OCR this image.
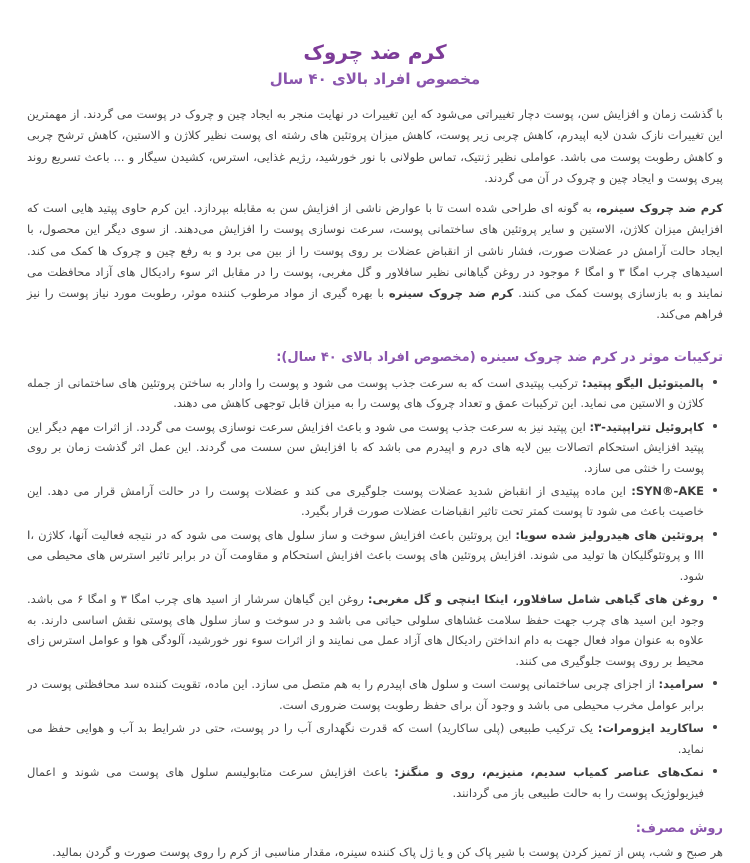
کرم ضد چروک
مخصوص افراد بالای ۴۰ سال

با گذشت زمان و افزایش سن، پوست دچار تغییراتی می‌شود که این تغییرات در نهایت منجر به ایجاد چین و چروک در پوست می گردند. از مهمترین این تغییرات نازک شدن لایه اپیدرم، کاهش چربی زیر پوست، کاهش میزان پروتئین های رشته ای پوست نظیر کلاژن و الاستین، کاهش ترشح چربی و کاهش رطوبت پوست می باشد. عواملی نظیر ژنتیک، تماس طولانی با نور خورشید، رژیم غذایی، استرس، کشیدن سیگار و ... باعث تسریع روند پیری پوست و ایجاد چین و چروک در آن می گردند.

کرم ضد چروک سینره، به گونه ای طراحی شده است تا با عوارض ناشی از افزایش سن به مقابله بپردازد. این کرم حاوی پپتید هایی است که افزایش میزان کلاژن، الاستین و سایر پروتئین های ساختمانی پوست، سرعت نوسازی پوست را افزایش می‌دهند. از سوی دیگر این محصول، با ایجاد حالت آرامش در عضلات صورت، فشار ناشی از انقباض عضلات بر روی پوست را از بین می برد و به رفع چین و چروک ها کمک می کند. اسیدهای چرب امگا ۳ و امگا ۶ موجود در روغن گیاهانی نظیر سافلاور و گل مغربی، پوست را در مقابل اثر سوء رادیکال های آزاد محافظت می نمایند و به بازسازی پوست کمک می کنند. کرم ضد چروک سینره با بهره گیری از مواد مرطوب کننده موثر، رطوبت مورد نیاز پوست را نیز فراهم می‌کند.

ترکیبات موثر در کرم ضد چروک سینره (مخصوص افراد بالای ۴۰ سال):
پالمیتوئیل الیگو پپتید: ترکیب پپتیدی است که به سرعت جذب پوست می شود و پوست را وادار به ساختن پروتئین های ساختمانی از جمله کلاژن و الاستین می نماید. این ترکیبات عمق و تعداد چروک های پوست را به میزان قابل توجهی کاهش می دهند.
کاپروئیل تتراپپتید-۳: این پپتید نیز به سرعت جذب پوست می شود و باعث افزایش سرعت نوسازی پوست می گردد. از اثرات مهم دیگر این پپتید افزایش استحکام اتصالات بین لایه های درم و اپیدرم می باشد که با افزایش سن سست می گردند. این عمل اثر گذشت زمان بر روی پوست را خنثی می سازد.
SYN®-AKE: این ماده پپتیدی از انقباض شدید عضلات پوست جلوگیری می کند و عضلات پوست را در حالت آرامش قرار می دهد. این خاصیت باعث می شود تا پوست کمتر تحت تاثیر انقباضات عضلات صورت قرار بگیرد.
پروتئین های هیدرولیز شده سویا: این پروتئین باعث افزایش سوخت و ساز سلول های پوست می شود که در نتیجه فعالیت آنها، کلاژن I، III و پروتئوگلیکان ها تولید می شوند. افزایش پروتئین های پوست باعث افزایش استحکام و مقاومت آن در برابر تاثیر استرس های محیطی می شود.
روغن های گیاهی شامل سافلاور، اینکا اینچی و گل مغربی: روغن این گیاهان سرشار از اسید های چرب امگا ۳ و امگا ۶ می باشد. وجود این اسید های چرب جهت حفظ سلامت غشاهای سلولی حیاتی می باشد و در سوخت و ساز سلول های پوستی نقش اساسی دارند. به علاوه به عنوان مواد فعال جهت به دام انداختن رادیکال های آزاد عمل می نمایند و از اثرات سوء نور خورشید، آلودگی هوا و عوامل استرس زای محیط بر روی پوست جلوگیری می کنند.
سرامید: از اجزای چربی ساختمانی پوست است و سلول های اپیدرم را به هم متصل می سازد. این ماده، تقویت کننده سد محافظتی پوست در برابر عوامل مخرب محیطی می باشد و وجود آن برای حفظ رطوبت پوست ضروری است.
ساکارید ایزومرات: یک ترکیب طبیعی (پلی ساکارید) است که قدرت نگهداری آب را در پوست، حتی در شرایط بد آب و هوایی حفظ می نماید.
نمک‌های عناصر کمیاب سدیم، منیزیم، روی و منگنز: باعث افزایش سرعت متابولیسم سلول های پوست می شوند و اعمال فیزیولوژیک پوست را به حالت طبیعی باز می گردانند.
روش مصرف:

هر صبح و شب، پس از تمیز کردن پوست با شیر پاک کن و یا ژل پاک کننده سینره، مقدار مناسبی از کرم را روی پوست صورت و گردن بمالید.
